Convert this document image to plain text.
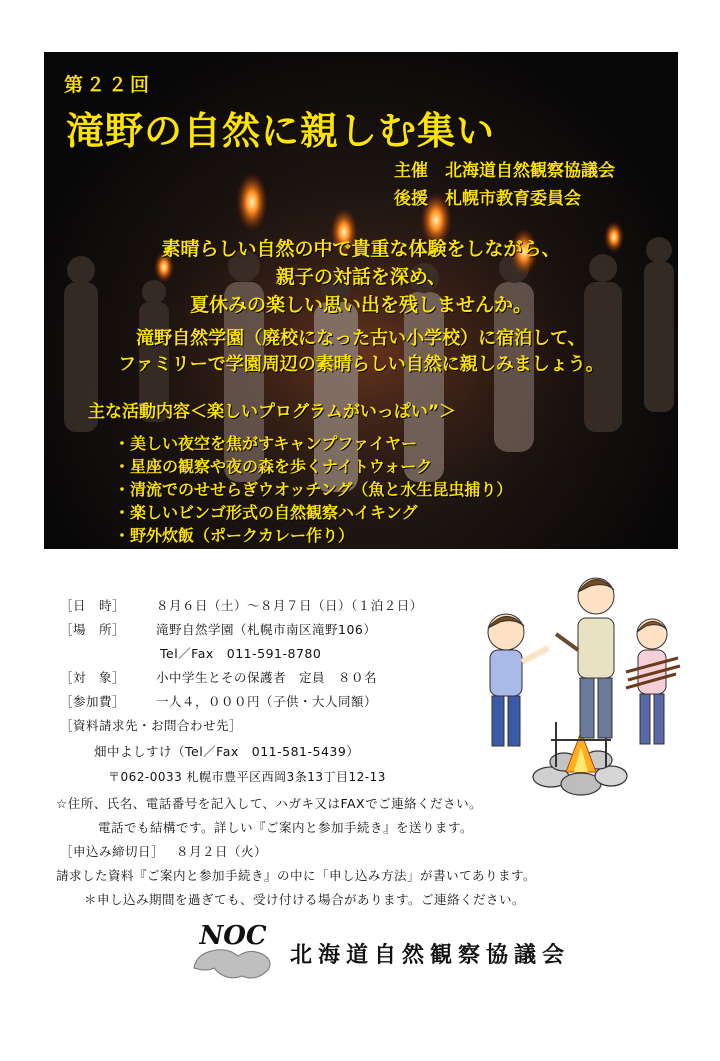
第２２回
滝野の自然に親しむ集い
主催　北海道自然観察協議会
後援　札幌市教育委員会
素晴らしい自然の中で貴重な体験をしながら、
親子の対話を深め、
夏休みの楽しい思い出を残しませんか。
滝野自然学園（廃校になった古い小学校）に宿泊して、
ファミリーで学園周辺の素晴らしい自然に親しみましょう。
主な活動内容＜楽しいプログラムがいっぱい”＞
・美しい夜空を焦がすキャンプファイヤー
・星座の観察や夜の森を歩くナイトウォーク
・清流でのせせらぎウオッチング（魚と水生昆虫捕り）
・楽しいビンゴ形式の自然観察ハイキング
・野外炊飯（ポークカレー作り）
［日　時］ ８月６日（土）～８月７日（日）（１泊２日）
［場　所］ 滝野自然学園（札幌市南区滝野106）
Tel／Fax　011-591-8780
［対　象］ 小中学生とその保護者　定員　８０名
［参加費］ 一人４，０００円（子供・大人同額）
［資料請求先・お問合わせ先］
畑中よしすけ（Tel／Fax　011-581-5439）
〒062-0033 札幌市豊平区西岡3条13丁目12-13
☆住所、氏名、電話番号を記入して、ハガキ又はFAXでご連絡ください。
電話でも結構です。詳しい『ご案内と参加手続き』を送ります。
［申込み締切日］ ８月２日（火）
請求した資料『ご案内と参加手続き』の中に「申し込み方法」が書いてあります。
＊申し込み期間を過ぎても、受け付ける場合があります。ご連絡ください。
NOC
北海道自然観察協議会
